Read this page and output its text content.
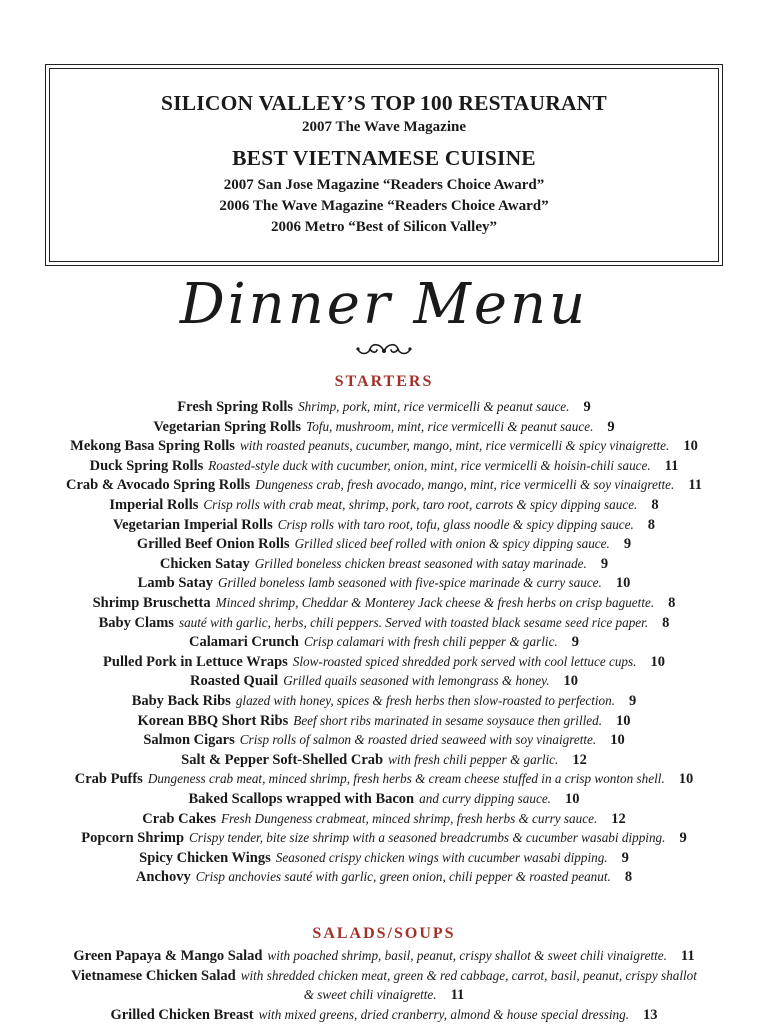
SILICON VALLEY’S TOP 100 RESTAURANT
2007 The Wave Magazine
BEST VIETNAMESE CUISINE
2007 San Jose Magazine “Readers Choice Award”
2006 The Wave Magazine “Readers Choice Award”
2006 Metro “Best of Silicon Valley”
Dinner Menu
STARTERS
SALADS/SOUPS
Fresh Spring Rolls Shrimp, pork, mint, rice vermicelli & peanut sauce. 9
Vegetarian Spring Rolls Tofu, mushroom, mint, rice vermicelli & peanut sauce. 9
Mekong Basa Spring Rolls with roasted peanuts, cucumber, mango, mint, rice vermicelli & spicy vinaigrette. 10
Duck Spring Rolls Roasted-style duck with cucumber, onion, mint, rice vermicelli & hoisin-chili sauce. 11
Crab & Avocado Spring Rolls Dungeness crab, fresh avocado, mango, mint, rice vermicelli & soy vinaigrette. 11
Imperial Rolls Crisp rolls with crab meat, shrimp, pork, taro root, carrots & spicy dipping sauce. 8
Vegetarian Imperial Rolls Crisp rolls with taro root, tofu, glass noodle & spicy dipping sauce. 8
Grilled Beef Onion Rolls Grilled sliced beef rolled with onion & spicy dipping sauce. 9
Chicken Satay Grilled boneless chicken breast seasoned with satay marinade. 9
Lamb Satay Grilled boneless lamb seasoned with five-spice marinade & curry sauce. 10
Shrimp Bruschetta Minced shrimp, Cheddar & Monterey Jack cheese & fresh herbs on crisp baguette. 8
Baby Clams sauté with garlic, herbs, chili peppers. Served with toasted black sesame seed rice paper. 8
Calamari Crunch Crisp calamari with fresh chili pepper & garlic. 9
Pulled Pork in Lettuce Wraps Slow-roasted spiced shredded pork served with cool lettuce cups. 10
Roasted Quail Grilled quails seasoned with lemongrass & honey. 10
Baby Back Ribs glazed with honey, spices & fresh herbs then slow-roasted to perfection. 9
Korean BBQ Short Ribs Beef short ribs marinated in sesame soysauce then grilled. 10
Salmon Cigars Crisp rolls of salmon & roasted dried seaweed with soy vinaigrette. 10
Salt & Pepper Soft-Shelled Crab with fresh chili pepper & garlic. 12
Crab Puffs Dungeness crab meat, minced shrimp, fresh herbs & cream cheese stuffed in a crisp wonton shell. 10
Baked Scallops wrapped with Bacon and curry dipping sauce. 10
Crab Cakes Fresh Dungeness crabmeat, minced shrimp, fresh herbs & curry sauce. 12
Popcorn Shrimp Crispy tender, bite size shrimp with a seasoned breadcrumbs & cucumber wasabi dipping. 9
Spicy Chicken Wings Seasoned crispy chicken wings with cucumber wasabi dipping. 9
Anchovy Crisp anchovies sauté with garlic, green onion, chili pepper & roasted peanut. 8
Green Papaya & Mango Salad with poached shrimp, basil, peanut, crispy shallot & sweet chili vinaigrette. 11
Vietnamese Chicken Salad with shredded chicken meat, green & red cabbage, carrot, basil, peanut, crispy shallot
& sweet chili vinaigrette. 11
Grilled Chicken Breast with mixed greens, dried cranberry, almond & house special dressing. 13
